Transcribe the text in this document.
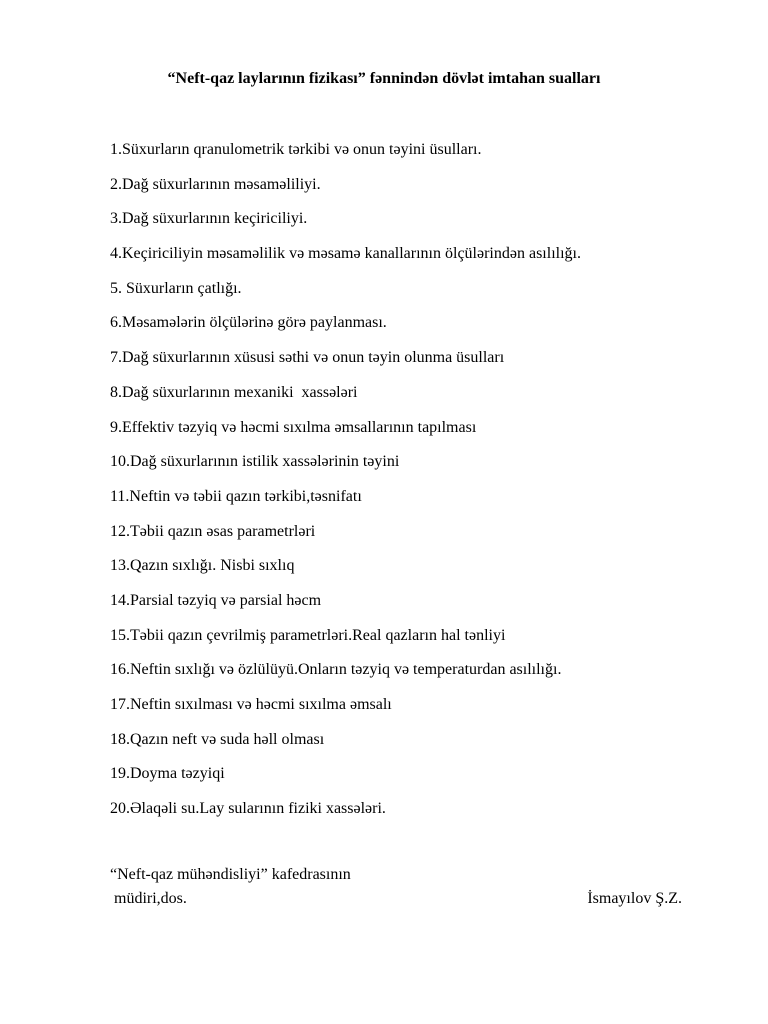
“Neft-qaz laylarının fizikası” fənnindən dövlət imtahan sualları
1.Süxurların qranulometrik tərkibi və onun təyini üsulları.
2.Dağ süxurlarının məsaməliliyi.
3.Dağ süxurlarının keçiriciliyi.
4.Keçiriciliyin məsaməlilik və məsamə kanallarının ölçülərindən asılılığı.
5. Süxurların çatlığı.
6.Məsamələrin ölçülərinə görə paylanması.
7.Dağ süxurlarının xüsusi səthi və onun təyin olunma üsulları
8.Dağ süxurlarının mexaniki  xassələri
9.Effektiv təzyiq və həcmi sıxılma əmsallarının tapılması
10.Dağ süxurlarının istilik xassələrinin təyini
11.Neftin və təbii qazın tərkibi,təsnifatı
12.Təbii qazın əsas parametrləri
13.Qazın sıxlığı. Nisbi sıxlıq
14.Parsial təzyiq və parsial həcm
15.Təbii qazın çevrilmiş parametrləri.Real qazların hal tənliyi
16.Neftin sıxlığı və özlülüyü.Onların təzyiq və temperaturdan asılılığı.
17.Neftin sıxılması və həcmi sıxılma əmsalı
18.Qazın neft və suda həll olması
19.Doyma təzyiqi
20.Əlaqəli su.Lay sularının fiziki xassələri.
“Neft-qaz mühəndisliyi” kafedrasının
müdiri,dos.	İsmayılov Ş.Z.
